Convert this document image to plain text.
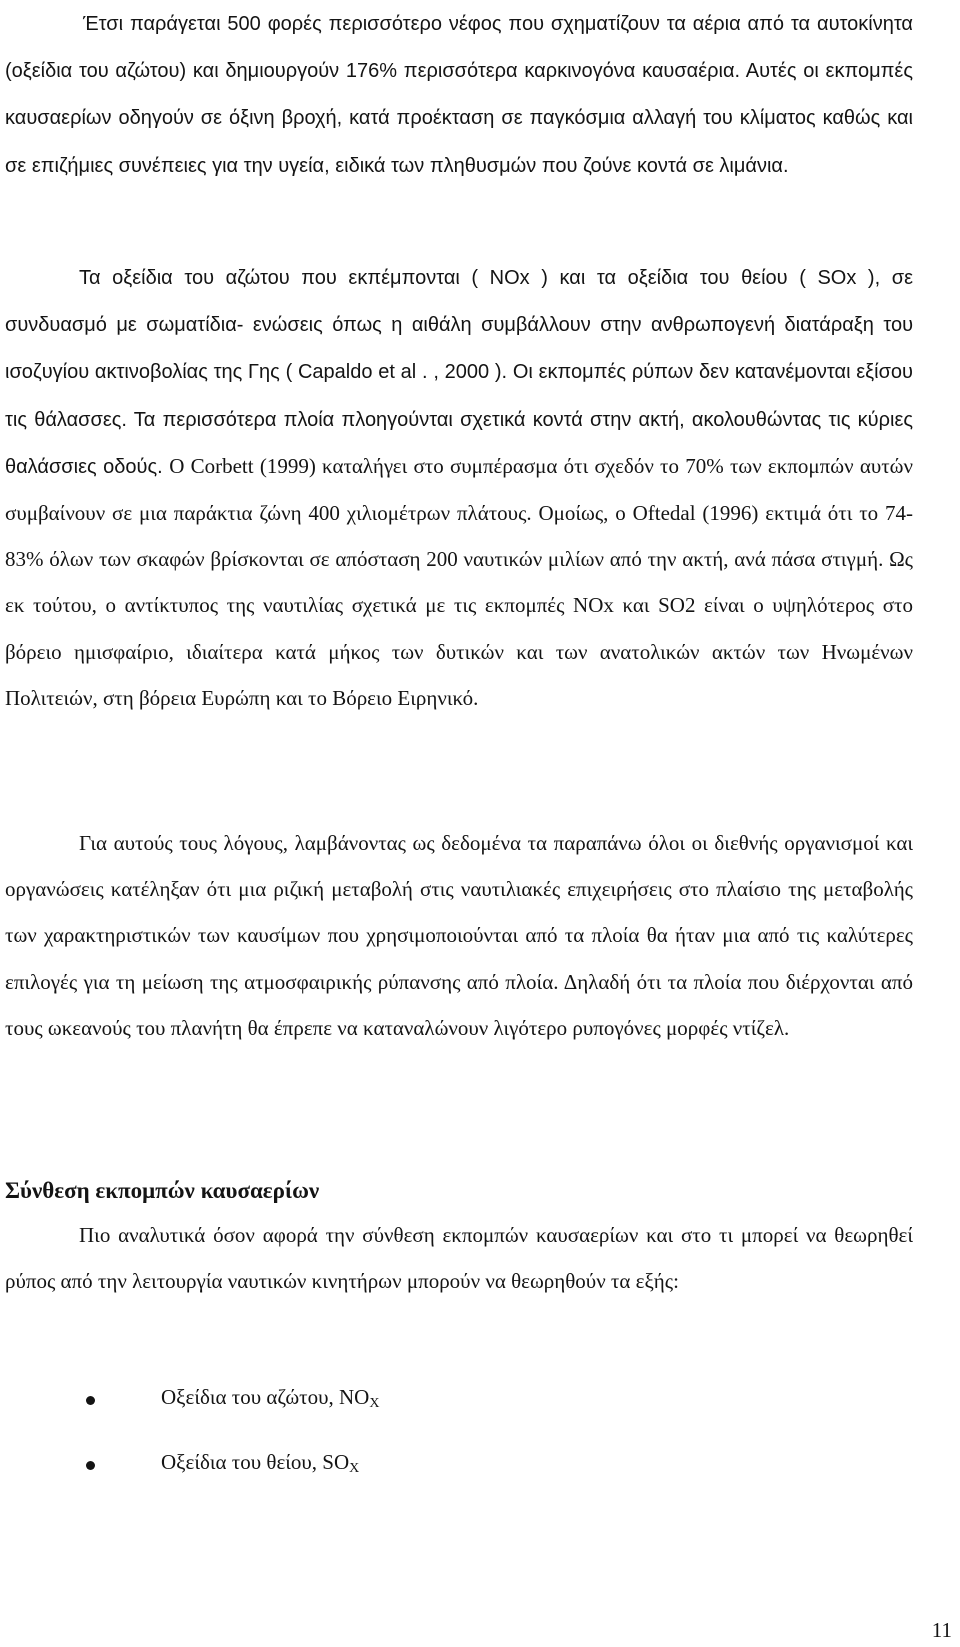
Έτσι παράγεται 500 φορές περισσότερο νέφος που σχηματίζουν τα αέρια από τα αυτοκίνητα (οξείδια του αζώτου) και δημιουργούν 176% περισσότερα καρκινογόνα καυσαέρια. Αυτές οι εκπομπές καυσαερίων οδηγούν σε όξινη βροχή, κατά προέκταση σε παγκόσμια αλλαγή του κλίματος καθώς και σε επιζήμιες συνέπειες για την υγεία, ειδικά των πληθυσμών που ζούνε κοντά σε λιμάνια.

Τα οξείδια του αζώτου που εκπέμπονται ( NOx ) και τα οξείδια του θείου ( SOx ), σε συνδυασμό με σωματίδια- ενώσεις όπως η αιθάλη συμβάλλουν στην ανθρωπογενή διατάραξη του ισοζυγίου ακτινοβολίας της Γης ( Capaldo et al . , 2000 ). Οι εκπομπές ρύπων δεν κατανέμονται εξίσου τις θάλασσες. Τα περισσότερα πλοία πλοηγούνται σχετικά κοντά στην ακτή, ακολουθώντας τις κύριες θαλάσσιες οδούς. Ο Corbett (1999) καταλήγει στο συμπέρασμα ότι σχεδόν το 70% των εκπομπών αυτών συμβαίνουν σε μια παράκτια ζώνη 400 χιλιομέτρων πλάτους. Ομοίως, ο Oftedal (1996) εκτιμά ότι το 74-83% όλων των σκαφών βρίσκονται σε απόσταση 200 ναυτικών μιλίων από την ακτή, ανά πάσα στιγμή. Ως εκ τούτου, ο αντίκτυπος της ναυτιλίας σχετικά με τις εκπομπές NOx και SO2 είναι ο υψηλότερος στο βόρειο ημισφαίριο, ιδιαίτερα κατά μήκος των δυτικών και των ανατολικών ακτών των Ηνωμένων Πολιτειών, στη βόρεια Ευρώπη και το Βόρειο Ειρηνικό.

Για αυτούς τους λόγους, λαμβάνοντας ως δεδομένα τα παραπάνω όλοι οι διεθνής οργανισμοί και οργανώσεις κατέληξαν ότι μια ριζική μεταβολή στις ναυτιλιακές επιχειρήσεις στο πλαίσιο της μεταβολής των χαρακτηριστικών των καυσίμων που χρησιμοποιούνται από τα πλοία θα ήταν μια από τις καλύτερες επιλογές για τη μείωση της ατμοσφαιρικής ρύπανσης από πλοία. Δηλαδή ότι τα πλοία που διέρχονται από τους ωκεανούς του πλανήτη θα έπρεπε να καταναλώνουν λιγότερο ρυπογόνες μορφές ντίζελ.

Σύνθεση εκπομπών καυσαερίων

Πιο αναλυτικά όσον αφορά την σύνθεση εκπομπών καυσαερίων και στο τι μπορεί να θεωρηθεί ρύπος από την λειτουργία ναυτικών κινητήρων μπορούν να θεωρηθούν τα εξής:

Οξείδια του αζώτου, NOX
Οξείδια του θείου, SOX
11
